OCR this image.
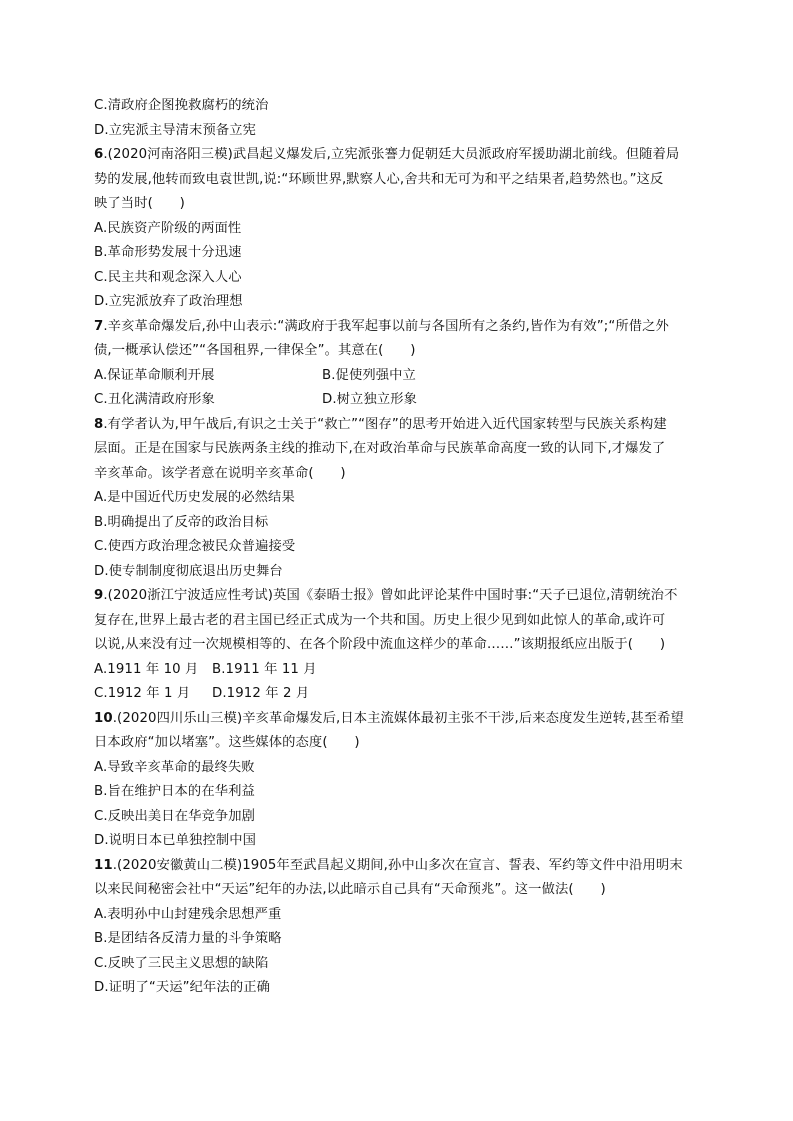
C.清政府企图挽救腐朽的统治
D.立宪派主导清末预备立宪
6.(2020河南洛阳三模)武昌起义爆发后,立宪派张謇力促朝廷大员派政府军援助湖北前线。但随着局
势的发展,他转而致电袁世凯,说:“环顾世界,默察人心,舍共和无可为和平之结果者,趋势然也。”这反
映了当时(　　)
A.民族资产阶级的两面性
B.革命形势发展十分迅速
C.民主共和观念深入人心
D.立宪派放弃了政治理想
7.辛亥革命爆发后,孙中山表示:“满政府于我军起事以前与各国所有之条约,皆作为有效”;“所借之外
债,一概承认偿还”“各国租界,一律保全”。其意在(　　)
A.保证革命顺利开展	B.促使列强中立
C.丑化满清政府形象	D.树立独立形象
8.有学者认为,甲午战后,有识之士关于“救亡”“图存”的思考开始进入近代国家转型与民族关系构建
层面。正是在国家与民族两条主线的推动下,在对政治革命与民族革命高度一致的认同下,才爆发了
辛亥革命。该学者意在说明辛亥革命(　　)
A.是中国近代历史发展的必然结果
B.明确提出了反帝的政治目标
C.使西方政治理念被民众普遍接受
D.使专制制度彻底退出历史舞台
9.(2020浙江宁波适应性考试)英国《泰晤士报》曾如此评论某件中国时事:“天子已退位,清朝统治不
复存在,世界上最古老的君主国已经正式成为一个共和国。历史上很少见到如此惊人的革命,或许可
以说,从来没有过一次规模相等的、在各个阶段中流血这样少的革命……”该期报纸应出版于(　　)
A.1911 年 10 月	B.1911 年 11 月
C.1912 年 1 月	D.1912 年 2 月
10.(2020四川乐山三模)辛亥革命爆发后,日本主流媒体最初主张不干涉,后来态度发生逆转,甚至希望
日本政府“加以堵塞”。这些媒体的态度(　　)
A.导致辛亥革命的最终失败
B.旨在维护日本的在华利益
C.反映出美日在华竞争加剧
D.说明日本已单独控制中国
11.(2020安徽黄山二模)1905年至武昌起义期间,孙中山多次在宣言、誓表、军约等文件中沿用明末
以来民间秘密会社中“天运”纪年的办法,以此暗示自己具有“天命预兆”。这一做法(　　)
A.表明孙中山封建残余思想严重
B.是团结各反清力量的斗争策略
C.反映了三民主义思想的缺陷
D.证明了“天运”纪年法的正确
